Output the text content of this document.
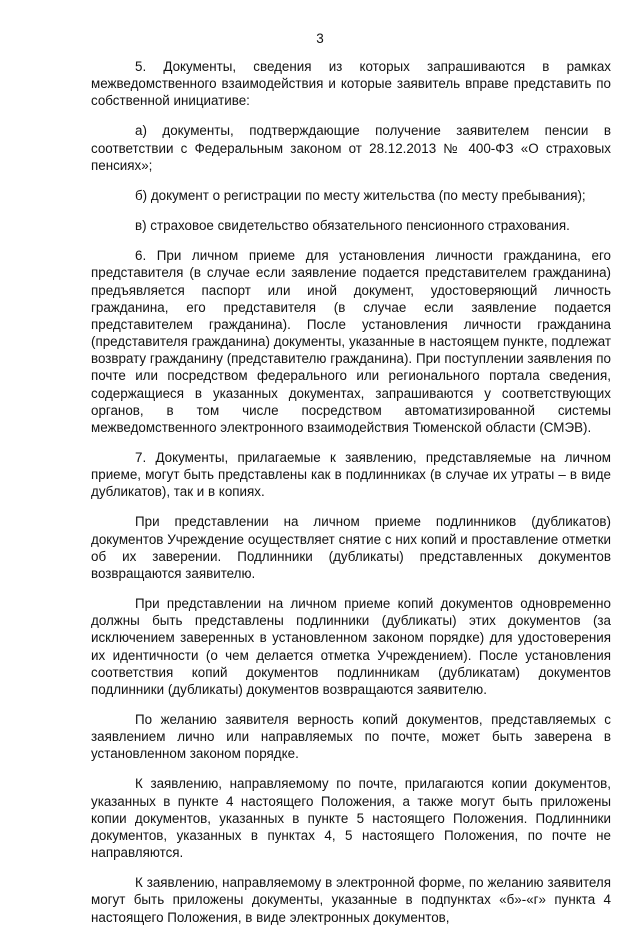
3

5. Документы, сведения из которых запрашиваются в рамках межведомственного взаимодействия и которые заявитель вправе представить по собственной инициативе:

а) документы, подтверждающие получение заявителем пенсии в соответствии с Федеральным законом от 28.12.2013 № 400-ФЗ «О страховых пенсиях»;

б) документ о регистрации по месту жительства (по месту пребывания);

в) страховое свидетельство обязательного пенсионного страхования.

6. При личном приеме для установления личности гражданина, его представителя (в случае если заявление подается представителем гражданина) предъявляется паспорт или иной документ, удостоверяющий личность гражданина, его представителя (в случае если заявление подается представителем гражданина). После установления личности гражданина (представителя гражданина) документы, указанные в настоящем пункте, подлежат возврату гражданину (представителю гражданина). При поступлении заявления по почте или посредством федерального или регионального портала сведения, содержащиеся в указанных документах, запрашиваются у соответствующих органов, в том числе посредством автоматизированной системы межведомственного электронного взаимодействия Тюменской области (СМЭВ).

7. Документы, прилагаемые к заявлению, представляемые на личном приеме, могут быть представлены как в подлинниках (в случае их утраты – в виде дубликатов), так и в копиях.

При представлении на личном приеме подлинников (дубликатов) документов Учреждение осуществляет снятие с них копий и проставление отметки об их заверении. Подлинники (дубликаты) представленных документов возвращаются заявителю.

При представлении на личном приеме копий документов одновременно должны быть представлены подлинники (дубликаты) этих документов (за исключением заверенных в установленном законом порядке) для удостоверения их идентичности (о чем делается отметка Учреждением). После установления соответствия копий документов подлинникам (дубликатам) документов подлинники (дубликаты) документов возвращаются заявителю.

По желанию заявителя верность копий документов, представляемых с заявлением лично или направляемых по почте, может быть заверена в установленном законом порядке.

К заявлению, направляемому по почте, прилагаются копии документов, указанных в пункте 4 настоящего Положения, а также могут быть приложены копии документов, указанных в пункте 5 настоящего Положения. Подлинники документов, указанных в пунктах 4, 5 настоящего Положения, по почте не направляются.

К заявлению, направляемому в электронной форме, по желанию заявителя могут быть приложены документы, указанные в подпунктах «б»-«г» пункта 4 настоящего Положения, в виде электронных документов,
